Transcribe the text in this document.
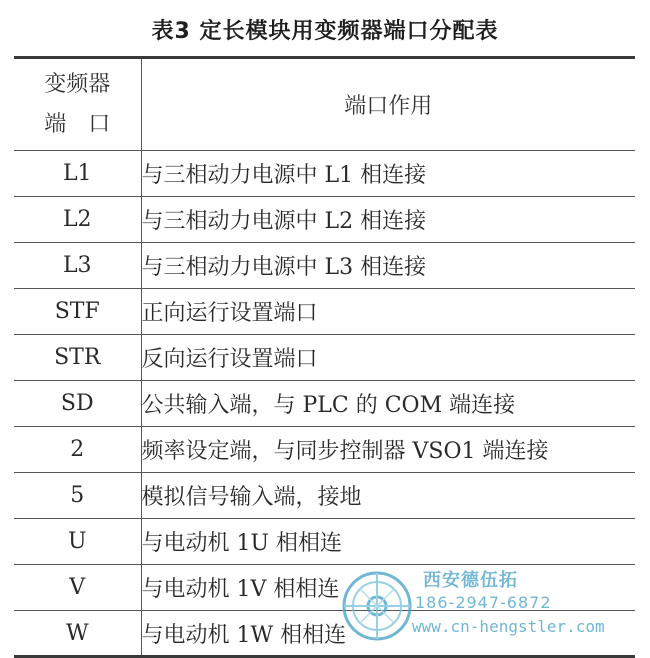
表3 定长模块用变频器端口分配表
变频器
端　口	端口作用
L1	与三相动力电源中 L1 相连接
L2	与三相动力电源中 L2 相连接
L3	与三相动力电源中 L3 相连接
STF	正向运行设置端口
STR	反向运行设置端口
SD	公共输入端，与 PLC 的 COM 端连接
2	频率设定端，与同步控制器 VSO1 端连接
5	模拟信号输入端，接地
U	与电动机 1U 相相连
V	与电动机 1V 相相连
W	与电动机 1W 相相连
西安德伍拓
186-2947-6872
www.cn-hengstler.com
